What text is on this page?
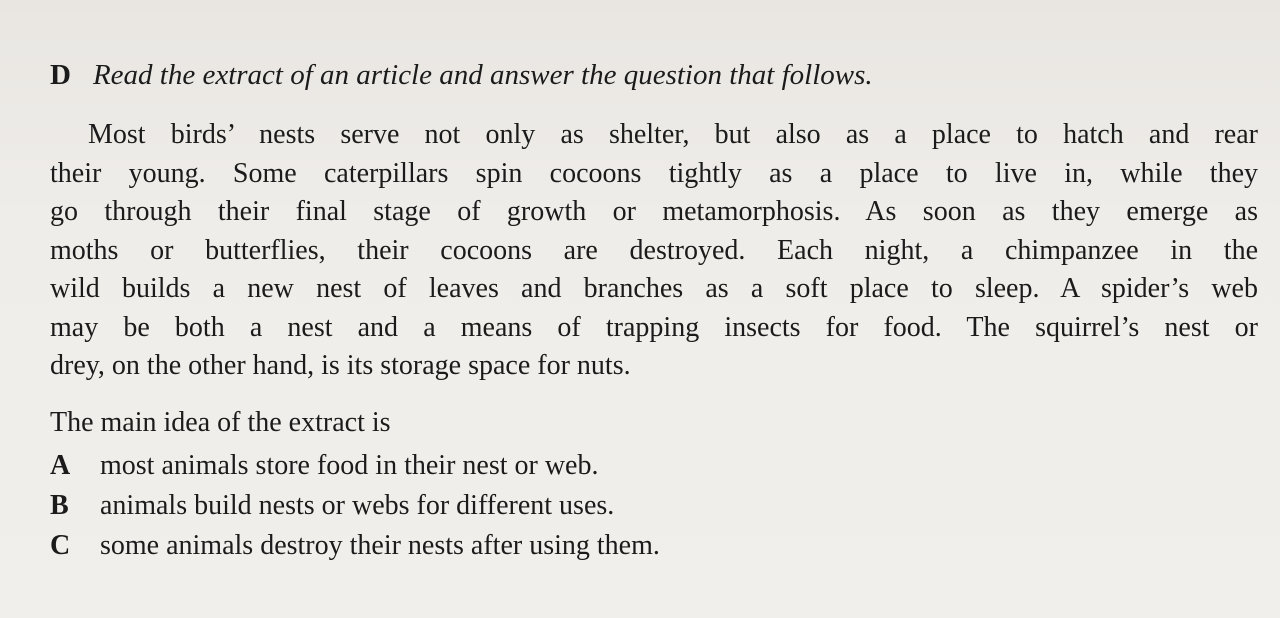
D Read the extract of an article and answer the question that follows.
Most birds’ nests serve not only as shelter, but also as a place to hatch and rear
their young. Some caterpillars spin cocoons tightly as a place to live in, while they
go through their final stage of growth or metamorphosis. As soon as they emerge as
moths or butterflies, their cocoons are destroyed. Each night, a chimpanzee in the
wild builds a new nest of leaves and branches as a soft place to sleep. A spider’s web
may be both a nest and a means of trapping insects for food. The squirrel’s nest or
drey, on the other hand, is its storage space for nuts.
The main idea of the extract is
A	most animals store food in their nest or web.
B	animals build nests or webs for different uses.
C	some animals destroy their nests after using them.
